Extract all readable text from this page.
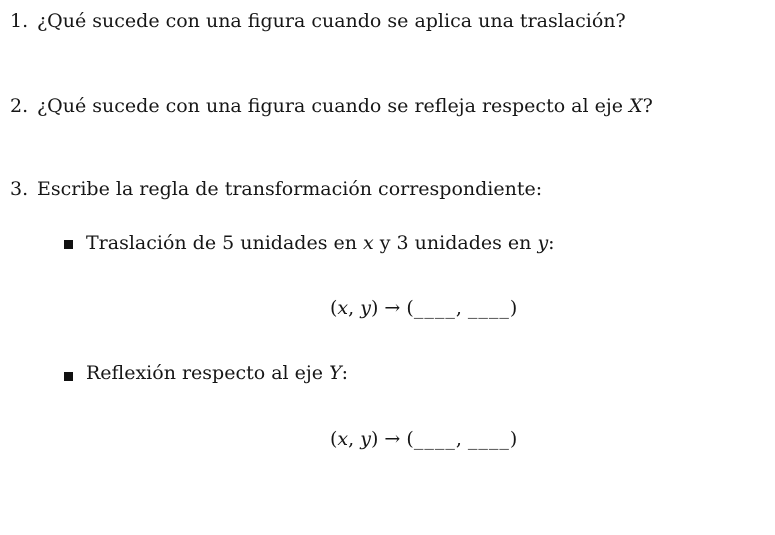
1. ¿Qué sucede con una figura cuando se aplica una traslación?
2. ¿Qué sucede con una figura cuando se refleja respecto al eje X?
3. Escribe la regla de transformación correspondiente:
Traslación de 5 unidades en x y 3 unidades en y:
(x, y) → (____, ____)
Reflexión respecto al eje Y:
(x, y) → (____, ____)
